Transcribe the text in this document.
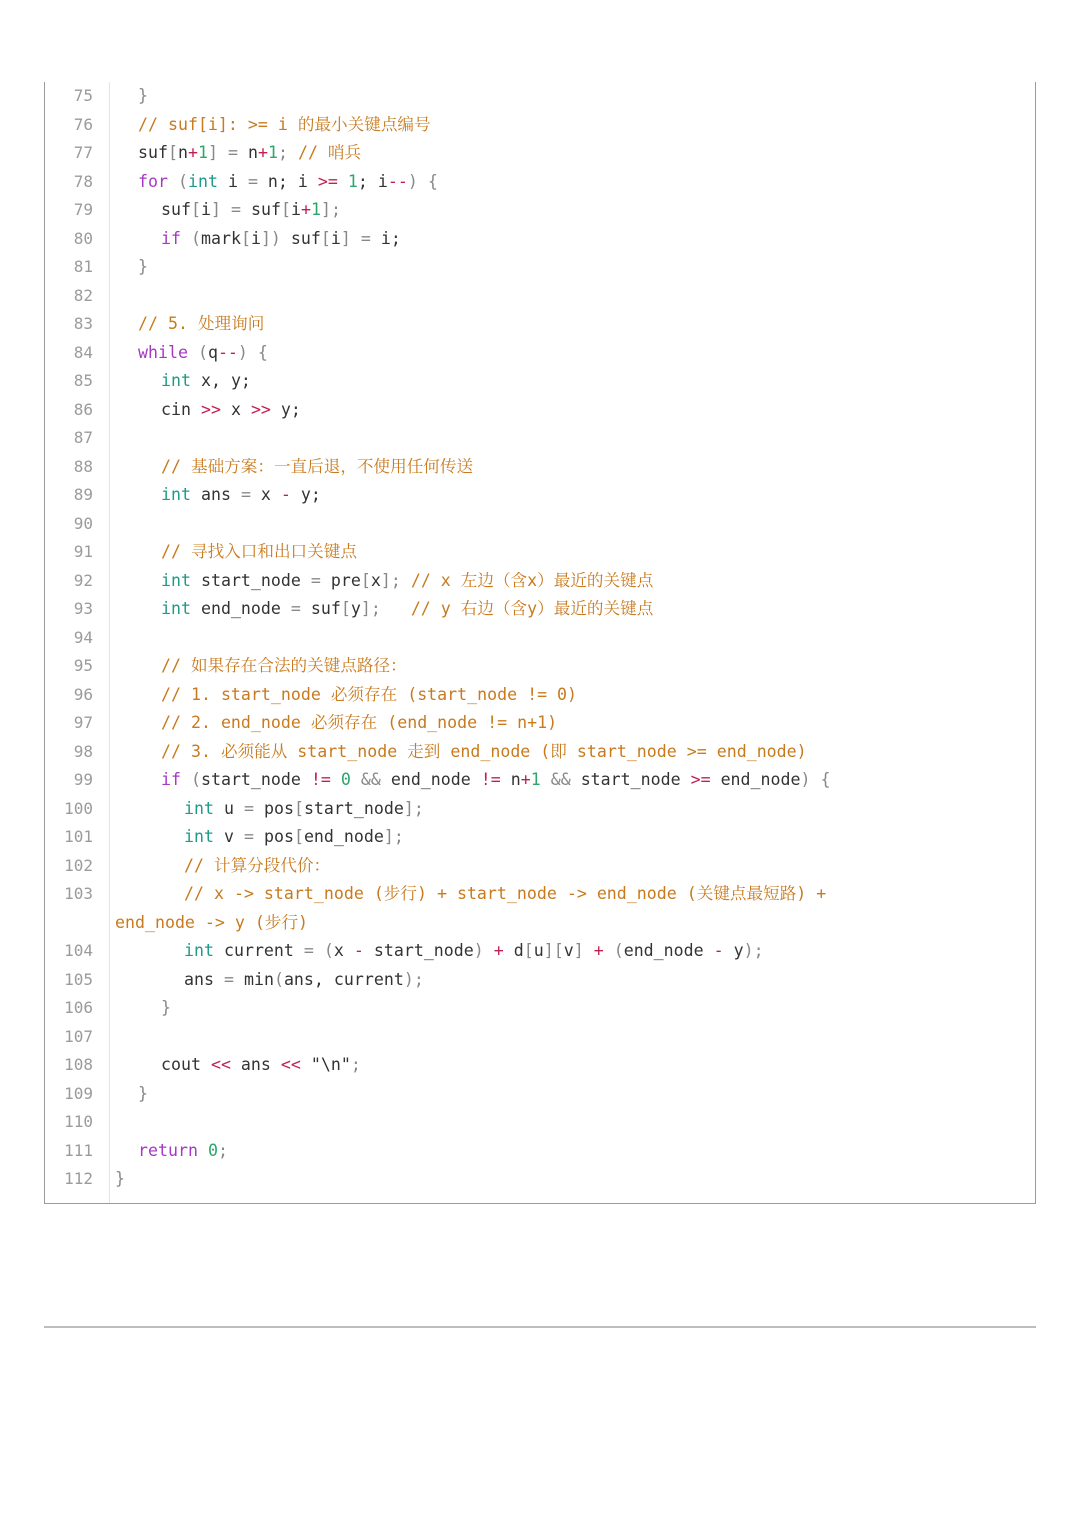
75	}
76	// suf[i]: >= i 的最小关键点编号
77	suf[n+1] = n+1; // 哨兵
78	for (int i = n; i >= 1; i--) {
79	suf[i] = suf[i+1];
80	if (mark[i]) suf[i] = i;
81	}
82
83	// 5. 处理询问
84	while (q--) {
85	int x, y;
86	cin >> x >> y;
87
88	// 基础方案：一直后退，不使用任何传送
89	int ans = x - y;
90
91	// 寻找入口和出口关键点
92	int start_node = pre[x]; // x 左边（含x）最近的关键点
93	int end_node = suf[y];   // y 右边（含y）最近的关键点
94
95	// 如果存在合法的关键点路径：
96	// 1. start_node 必须存在 (start_node != 0)
97	// 2. end_node 必须存在 (end_node != n+1)
98	// 3. 必须能从 start_node 走到 end_node (即 start_node >= end_node)
99	if (start_node != 0 && end_node != n+1 && start_node >= end_node) {
100	int u = pos[start_node];
101	int v = pos[end_node];
102	// 计算分段代价：
103	// x -> start_node (步行) + start_node -> end_node (关键点最短路) +
end_node -> y (步行)
104	int current = (x - start_node) + d[u][v] + (end_node - y);
105	ans = min(ans, current);
106	}
107
108	cout << ans << "\n";
109	}
110
111	return 0;
112 }
